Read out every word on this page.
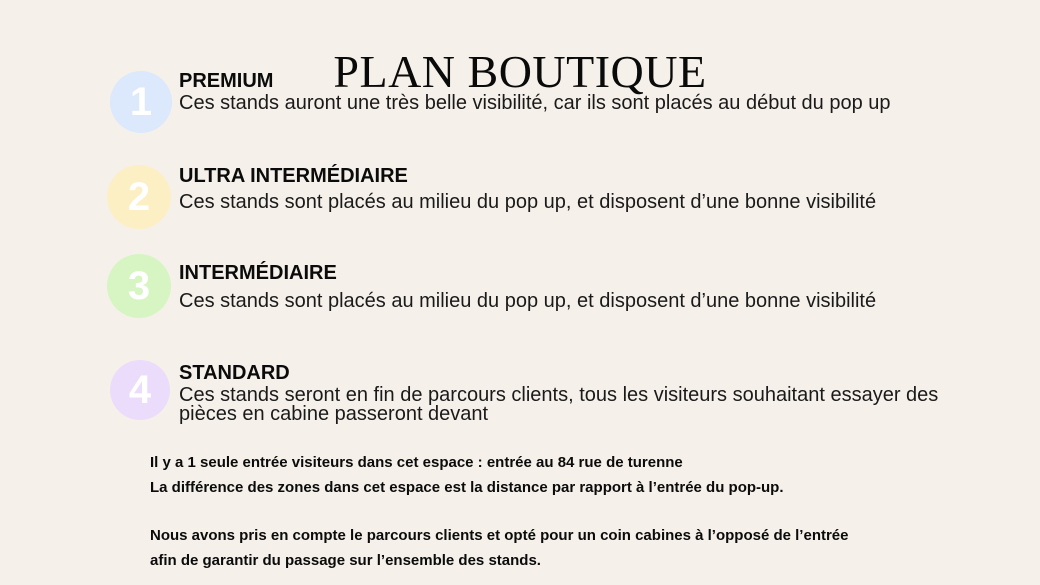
PLAN BOUTIQUE
1 PREMIUM
Ces stands auront une très belle visibilité, car ils sont placés au début du pop up
2 ULTRA INTERMÉDIAIRE
Ces stands sont placés au milieu du pop up, et disposent d’une bonne visibilité
3 INTERMÉDIAIRE
Ces stands sont placés au milieu du pop up, et disposent d’une bonne visibilité
4 STANDARD
Ces stands seront en fin de parcours clients, tous les visiteurs souhaitant essayer des pièces en cabine passeront devant

Il y a 1 seule entrée visiteurs dans cet espace : entrée au 84 rue de turenne

La différence des zones dans cet espace est la distance par rapport à l’entrée du pop-up.

Nous avons pris en compte le parcours clients et opté pour un coin cabines à l’opposé de l’entrée

afin de garantir du passage sur l’ensemble des stands.
